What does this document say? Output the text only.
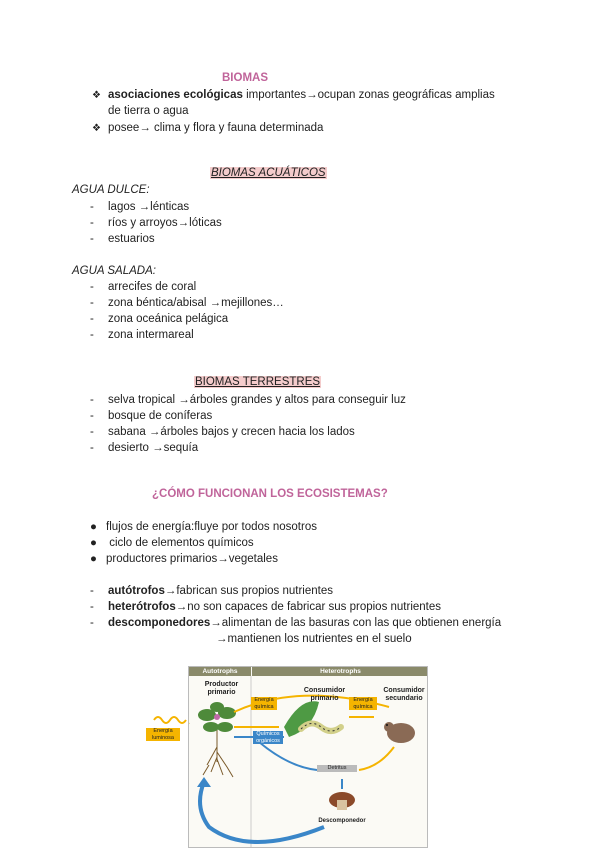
BIOMAS
❖ asociaciones ecológicas importantes→ocupan zonas geográficas amplias
de tierra o agua
❖ posee→ clima y flora y fauna determinada
BIOMAS ACUÁTICOS
AGUA DULCE:
- lagos →lénticas
- ríos y arroyos→lóticas
- estuarios
AGUA SALADA:
- arrecifes de coral
- zona béntica/abisal →mejillones…
- zona oceánica pelágica
- zona intermareal
BIOMAS TERRESTRES
- selva tropical →árboles grandes y altos para conseguir luz
- bosque de coníferas
- sabana →árboles bajos y crecen hacia los lados
- desierto →sequía
¿CÓMO FUNCIONAN LOS ECOSISTEMAS?
● flujos de energía:fluye por todos nosotros
● ciclo de elementos químicos
● productores primarios→vegetales
- autótrofos→fabrican sus propios nutrientes
- heterótrofos→no son capaces de fabricar sus propios nutrientes
- descomponedores→alimentan de las basuras con las que obtienen energía
→mantienen los nutrientes en el suelo
Autotrophs	Heterotrophs
Productor primario	Consumidor primario
Consumidor secundario
Energía química
Energía química
Químicos orgánicos
Detritus
Descomponedor
Energía luminosa
